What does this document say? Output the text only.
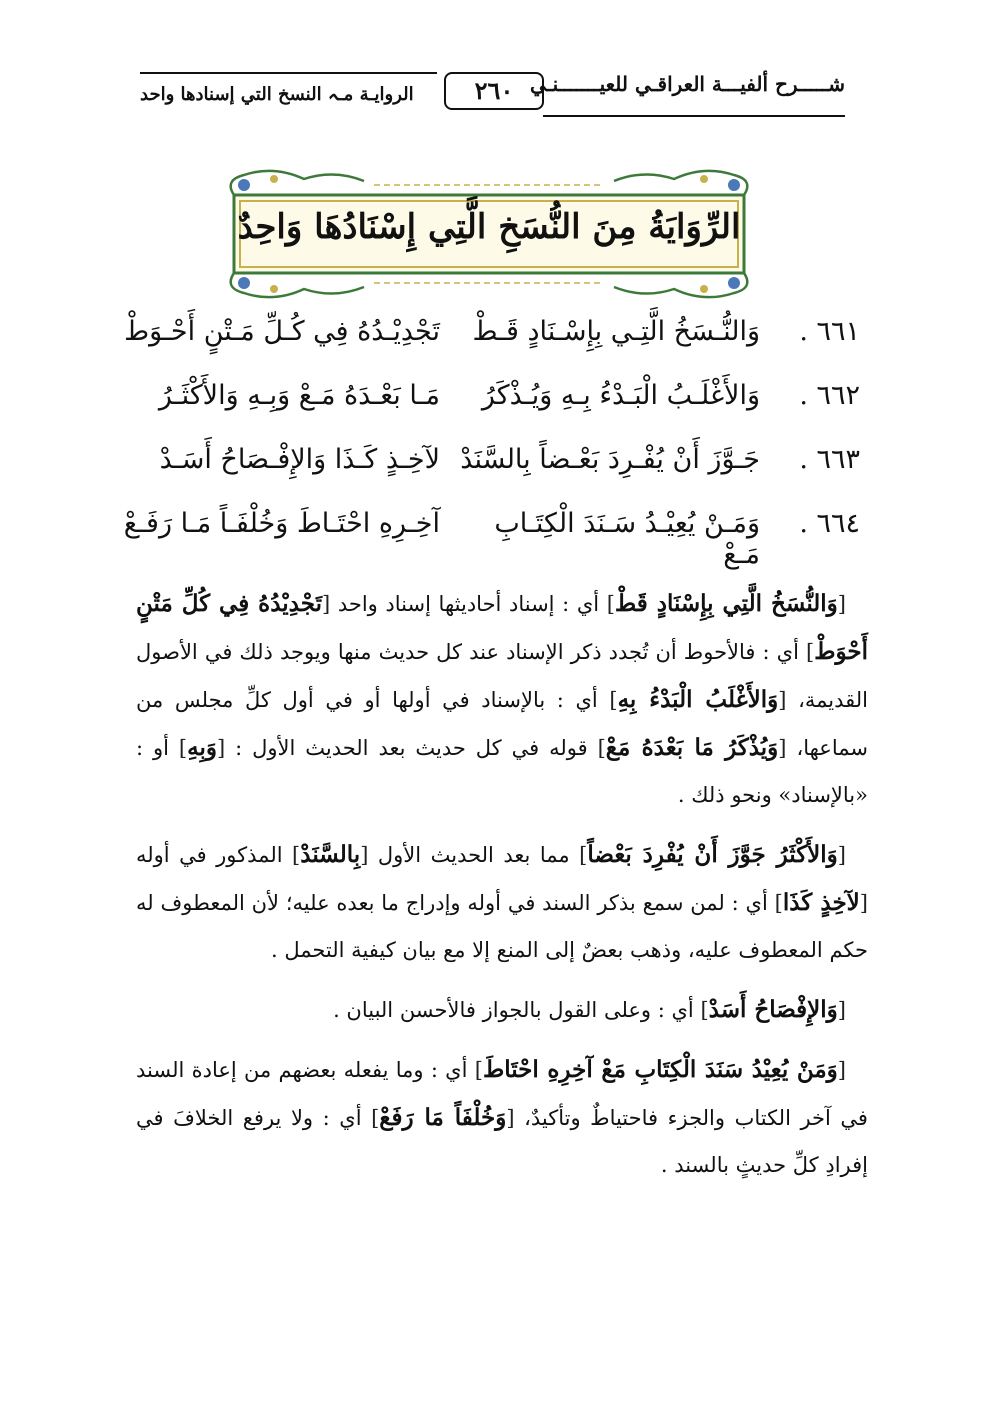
شـــــرح ألفيـــة العراقـي للعيـــــــنـي
٢٦٠
الروايـة مـہ النسخ التي إسنادها واحد
الرِّوَايَةُ مِنَ النُّسَخِ الَّتِي إِسْنَادُهَا وَاحِدٌ
٦٦١ .
وَالنُّـسَخُ الَّتِـي بِإِسْـنَادٍ قَـطْ
تَجْدِيْـدُهُ فِي كُـلِّ مَـتْنٍ أَحْـوَطْ
٦٦٢ .
وَالأَغْلَـبُ الْبَـدْءُ بِـهِ وَيُـذْكَرُ
مَـا بَعْـدَهُ مَـعْ وَبِـهِ وَالأَكْثَـرُ
٦٦٣ .
جَـوَّزَ أَنْ يُفْـرِدَ بَعْـضاً بِالسَّنَدْ
لآخِـذٍ كَـذَا وَالإِفْـصَاحُ أَسَـدْ
٦٦٤ .
وَمَـنْ يُعِيْـدُ سَـنَدَ الْكِتَـابِ مَـعْ
آخِـرِهِ احْتَـاطَ وَخُلْفَـاً مَـا رَفَـعْ

[وَالنُّسَخُ الَّتِي بِإِسْنَادٍ قَطْ] أي : إسناد أحاديثها إسناد واحد [تَجْدِيْدُهُ فِي كُلِّ مَتْنٍ أَحْوَطْ] أي : فالأحوط أن تُجدد ذكر الإسناد عند كل حديث منها ويوجد ذلك في الأصول القديمة، [وَالأَغْلَبُ الْبَدْءُ بِهِ] أي : بالإسناد في أولها أو في أول كلِّ مجلس من سماعها، [وَيُذْكَرُ مَا بَعْدَهُ مَعْ] قوله في كل حديث بعد الحديث الأول : [وَبِهِ] أو : «بالإسناد» ونحو ذلك .

[وَالأَكْثَرُ جَوَّزَ أَنْ يُفْرِدَ بَعْضاً] مما بعد الحديث الأول [بِالسَّنَدْ] المذكور في أوله [لآخِذٍ كَذَا] أي : لمن سمع بذكر السند في أوله وإدراج ما بعده عليه؛ لأن المعطوف له حكم المعطوف عليه، وذهب بعضٌ إلى المنع إلا مع بيان كيفية التحمل .

[وَالإِفْصَاحُ أَسَدْ] أي : وعلى القول بالجواز فالأحسن البيان .

[وَمَنْ يُعِيْدُ سَنَدَ الْكِتَابِ مَعْ آخِرِهِ احْتَاطَ] أي : وما يفعله بعضهم من إعادة السند في آخر الكتاب والجزء فاحتياطٌ وتأكيدٌ، [وَخُلْفَاً مَا رَفَعْ] أي : ولا يرفع الخلافَ في إفرادِ كلِّ حديثٍ بالسند .
